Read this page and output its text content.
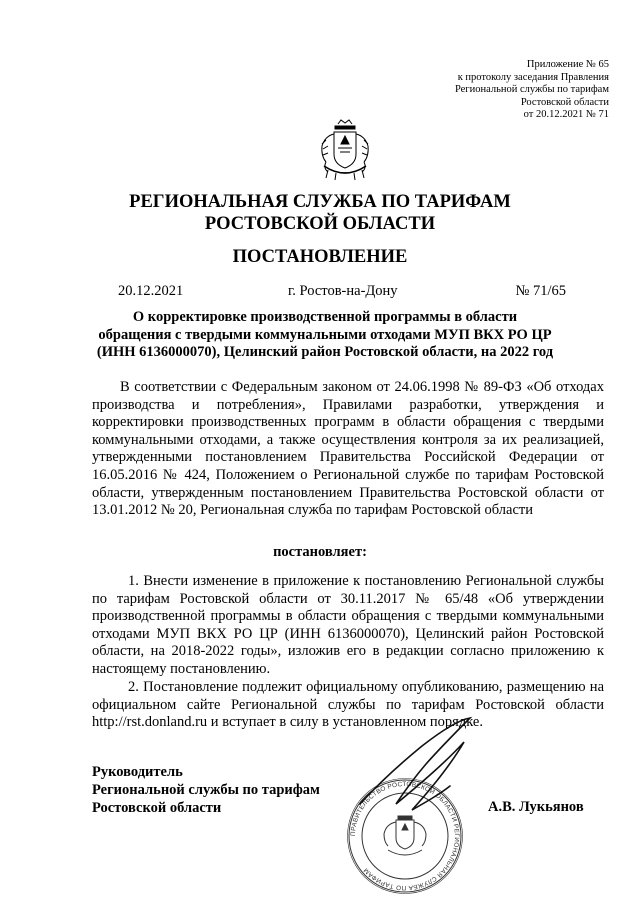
Приложение № 65
к протоколу заседания Правления
Региональной службы по тарифам
Ростовской области
от 20.12.2021 № 71
РЕГИОНАЛЬНАЯ СЛУЖБА ПО ТАРИФАМ
РОСТОВСКОЙ ОБЛАСТИ
ПОСТАНОВЛЕНИЕ
20.12.2021	г. Ростов-на-Дону	№ 71/65
О корректировке производственной программы в области
обращения с твердыми коммунальными отходами МУП ВКХ РО ЦР
(ИНН 6136000070), Целинский район Ростовской области, на 2022 год
В соответствии с Федеральным законом от 24.06.1998 № 89-ФЗ «Об отходах производства и потребления», Правилами разработки, утверждения и корректировки производственных программ в области обращения с твердыми коммунальными отходами, а также осуществления контроля за их реализацией, утвержденными постановлением Правительства Российской Федерации от 16.05.2016 № 424, Положением о Региональной службе по тарифам Ростовской области, утвержденным постановлением Правительства Ростовской области от 13.01.2012 № 20, Региональная служба по тарифам Ростовской области
постановляет:
1. Внести изменение в приложение к постановлению Региональной службы по тарифам Ростовской области от 30.11.2017 № 65/48 «Об утверждении производственной программы в области обращения с твердыми коммунальными отходами МУП ВКХ РО ЦР (ИНН 6136000070), Целинский район Ростовской области, на 2018-2022 годы», изложив его в редакции согласно приложению к настоящему постановлению.
2. Постановление подлежит официальному опубликованию, размещению на официальном сайте Региональной службы по тарифам Ростовской области http://rst.donland.ru и вступает в силу в установленном порядке.
Руководитель
Региональной службы по тарифам
Ростовской области
ПРАВИТЕЛЬСТВО РОСТОВСКОЙ ОБЛАСТИ РЕГИОНАЛЬНАЯ СЛУЖБА ПО ТАРИФАМ
А.В. Лукьянов
